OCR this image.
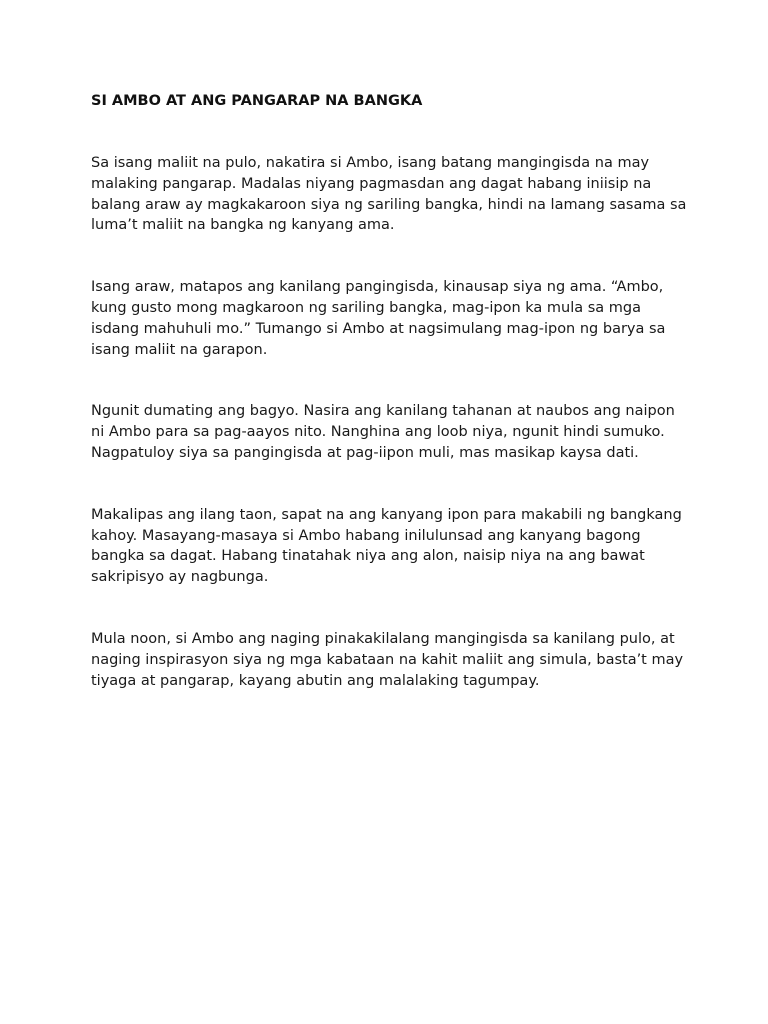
SI AMBO AT ANG PANGARAP NA BANGKA

Sa isang maliit na pulo, nakatira si Ambo, isang batang mangingisda na may malaking pangarap. Madalas niyang pagmasdan ang dagat habang iniisip na balang araw ay magkakaroon siya ng sariling bangka, hindi na lamang sasama sa luma’t maliit na bangka ng kanyang ama.

Isang araw, matapos ang kanilang pangingisda, kinausap siya ng ama. “Ambo, kung gusto mong magkaroon ng sariling bangka, mag-ipon ka mula sa mga isdang mahuhuli mo.” Tumango si Ambo at nagsimulang mag-ipon ng barya sa isang maliit na garapon.

Ngunit dumating ang bagyo. Nasira ang kanilang tahanan at naubos ang naipon ni Ambo para sa pag-aayos nito. Nanghina ang loob niya, ngunit hindi sumuko. Nagpatuloy siya sa pangingisda at pag-iipon muli, mas masikap kaysa dati.

Makalipas ang ilang taon, sapat na ang kanyang ipon para makabili ng bangkang kahoy. Masayang-masaya si Ambo habang inilulunsad ang kanyang bagong bangka sa dagat. Habang tinatahak niya ang alon, naisip niya na ang bawat sakripisyo ay nagbunga.

Mula noon, si Ambo ang naging pinakakilalang mangingisda sa kanilang pulo, at naging inspirasyon siya ng mga kabataan na kahit maliit ang simula, basta’t may tiyaga at pangarap, kayang abutin ang malalaking tagumpay.
